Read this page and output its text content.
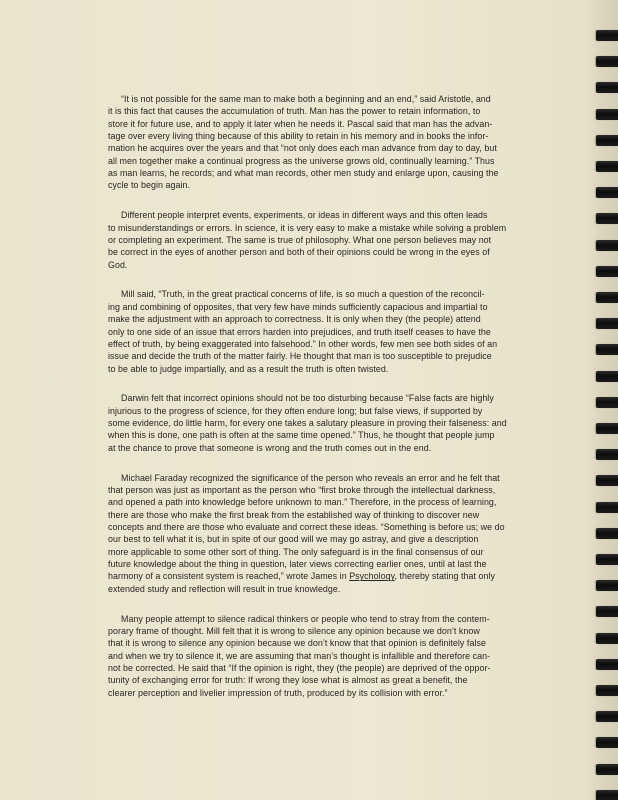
“It is not possible for the same man to make both a beginning and an end,” said Aristotle, and
it is this fact that causes the accumulation of truth. Man has the power to retain information, to
store it for future use, and to apply it later when he needs it. Pascal said that man has the advan-
tage over every living thing because of this ability to retain in his memory and in books the infor-
mation he acquires over the years and that “not only does each man advance from day to day, but
all men together make a continual progress as the universe grows old, continually learning.” Thus
as man learns, he records; and what man records, other men study and enlarge upon, causing the
cycle to begin again.

Different people interpret events, experiments, or ideas in different ways and this often leads
to misunderstandings or errors. In science, it is very easy to make a mistake while solving a problem
or completing an experiment. The same is true of philosophy. What one person believes may not
be correct in the eyes of another person and both of their opinions could be wrong in the eyes of
God.

Mill said, “Truth, in the great practical concerns of life, is so much a question of the reconcil-
ing and combining of opposites, that very few have minds sufficiently capacious and impartial to
make the adjustment with an approach to correctness. It is only when they (the people) attend
only to one side of an issue that errors harden into prejudices, and truth itself ceases to have the
effect of truth, by being exaggerated into falsehood.” In other words, few men see both sides of an
issue and decide the truth of the matter fairly. He thought that man is too susceptible to prejudice
to be able to judge impartially, and as a result the truth is often twisted.

Darwin felt that incorrect opinions should not be too disturbing because “False facts are highly
injurious to the progress of science, for they often endure long; but false views, if supported by
some evidence, do little harm, for every one takes a salutary pleasure in proving their falseness: and
when this is done, one path is often at the same time opened.” Thus, he thought that people jump
at the chance to prove that someone is wrong and the truth comes out in the end.

Michael Faraday recognized the significance of the person who reveals an error and he felt that
that person was just as important as the person who “first broke through the intellectual darkness,
and opened a path into knowledge before unknown to man.” Therefore, in the process of learning,
there are those who make the first break from the established way of thinking to discover new
concepts and there are those who evaluate and correct these ideas. “Something is before us; we do
our best to tell what it is, but in spite of our good will we may go astray, and give a description
more applicable to some other sort of thing. The only safeguard is in the final consensus of our
future knowledge about the thing in question, later views correcting earlier ones, until at last the
harmony of a consistent system is reached,” wrote James in Psychology, thereby stating that only
extended study and reflection will result in true knowledge.

Many people attempt to silence radical thinkers or people who tend to stray from the contem-
porary frame of thought. Mill felt that it is wrong to silence any opinion because we don’t know
that it is wrong to silence any opinion because we don’t know that that opinion is definitely false
and when we try to silence it, we are assuming that man’s thought is infallible and therefore can-
not be corrected. He said that “If the opinion is right, they (the people) are deprived of the oppor-
tunity of exchanging error for truth: If wrong they lose what is almost as great a benefit, the
clearer perception and livelier impression of truth, produced by its collision with error.”
